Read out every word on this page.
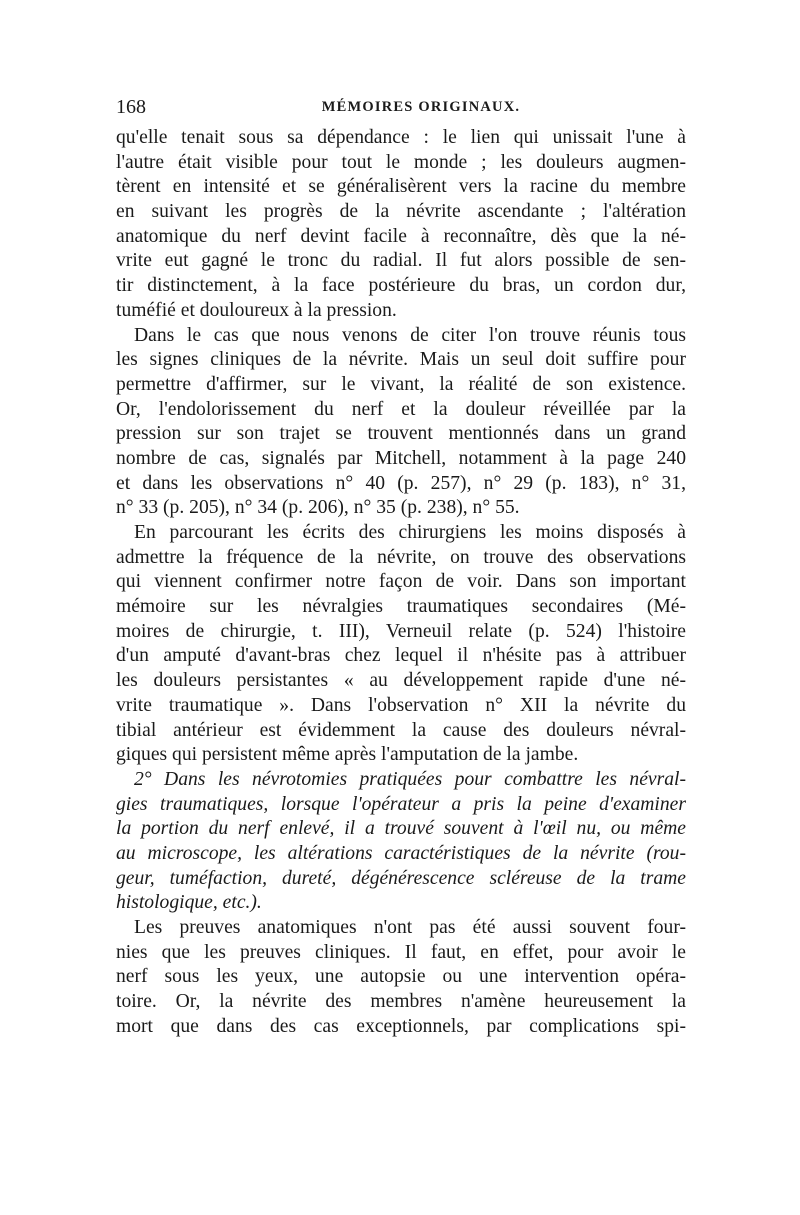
168	MÉMOIRES ORIGINAUX.
qu'elle tenait sous sa dépendance : le lien qui unissait l'une à
l'autre était visible pour tout le monde ; les douleurs augmen-
tèrent en intensité et se généralisèrent vers la racine du membre
en suivant les progrès de la névrite ascendante ; l'altération
anatomique du nerf devint facile à reconnaître, dès que la né-
vrite eut gagné le tronc du radial. Il fut alors possible de sen-
tir distinctement, à la face postérieure du bras, un cordon dur,
tuméfié et douloureux à la pression.
Dans le cas que nous venons de citer l'on trouve réunis tous
les signes cliniques de la névrite. Mais un seul doit suffire pour
permettre d'affirmer, sur le vivant, la réalité de son existence.
Or, l'endolorissement du nerf et la douleur réveillée par la
pression sur son trajet se trouvent mentionnés dans un grand
nombre de cas, signalés par Mitchell, notamment à la page 240
et dans les observations n° 40 (p. 257), n° 29 (p. 183), n° 31,
n° 33 (p. 205), n° 34 (p. 206), n° 35 (p. 238), n° 55.
En parcourant les écrits des chirurgiens les moins disposés à
admettre la fréquence de la névrite, on trouve des observations
qui viennent confirmer notre façon de voir. Dans son important
mémoire sur les névralgies traumatiques secondaires (Mé-
moires de chirurgie, t. III), Verneuil relate (p. 524) l'histoire
d'un amputé d'avant-bras chez lequel il n'hésite pas à attribuer
les douleurs persistantes « au développement rapide d'une né-
vrite traumatique ». Dans l'observation n° XII la névrite du
tibial antérieur est évidemment la cause des douleurs névral-
giques qui persistent même après l'amputation de la jambe.
2° Dans les névrotomies pratiquées pour combattre les névral-
gies traumatiques, lorsque l'opérateur a pris la peine d'examiner
la portion du nerf enlevé, il a trouvé souvent à l'œil nu, ou même
au microscope, les altérations caractéristiques de la névrite (rou-
geur, tuméfaction, dureté, dégénérescence scléreuse de la trame
histologique, etc.).
Les preuves anatomiques n'ont pas été aussi souvent four-
nies que les preuves cliniques. Il faut, en effet, pour avoir le
nerf sous les yeux, une autopsie ou une intervention opéra-
toire. Or, la névrite des membres n'amène heureusement la
mort que dans des cas exceptionnels, par complications spi-
